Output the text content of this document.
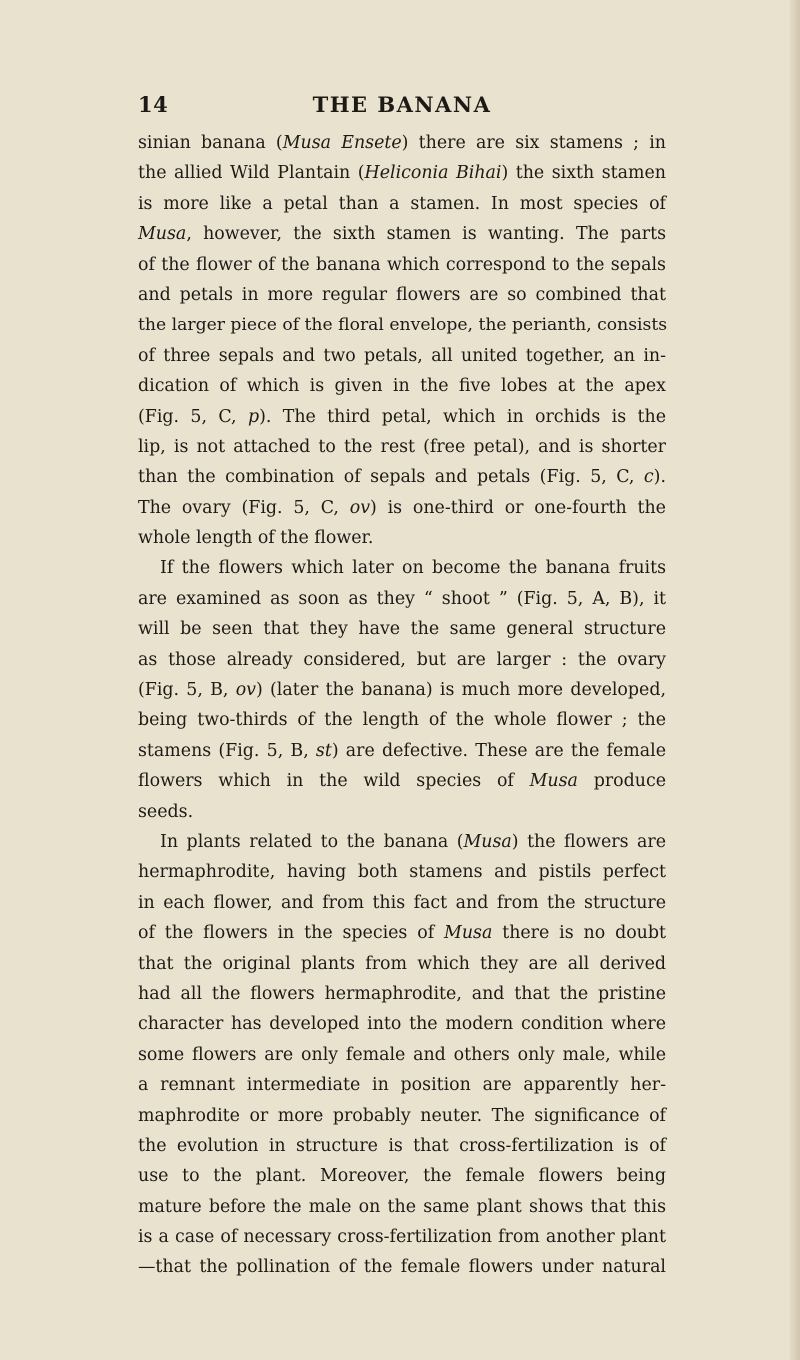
14	THE BANANA
sinian banana (Musa Ensete) there are six stamens ; in
the allied Wild Plantain (Heliconia Bihai) the sixth stamen
is more like a petal than a stamen. In most species of
Musa, however, the sixth stamen is wanting. The parts
of the flower of the banana which correspond to the sepals
and petals in more regular flowers are so combined that
the larger piece of the floral envelope, the perianth, consists
of three sepals and two petals, all united together, an in-
dication of which is given in the five lobes at the apex
(Fig. 5, C, p). The third petal, which in orchids is the
lip, is not attached to the rest (free petal), and is shorter
than the combination of sepals and petals (Fig. 5, C, c).
The ovary (Fig. 5, C, ov) is one-third or one-fourth the
whole length of the flower.
If the flowers which later on become the banana fruits
are examined as soon as they “ shoot ” (Fig. 5, A, B), it
will be seen that they have the same general structure
as those already considered, but are larger : the ovary
(Fig. 5, B, ov) (later the banana) is much more developed,
being two-thirds of the length of the whole flower ; the
stamens (Fig. 5, B, st) are defective. These are the female
flowers which in the wild species of Musa produce
seeds.
In plants related to the banana (Musa) the flowers are
hermaphrodite, having both stamens and pistils perfect
in each flower, and from this fact and from the structure
of the flowers in the species of Musa there is no doubt
that the original plants from which they are all derived
had all the flowers hermaphrodite, and that the pristine
character has developed into the modern condition where
some flowers are only female and others only male, while
a remnant intermediate in position are apparently her-
maphrodite or more probably neuter. The significance of
the evolution in structure is that cross-fertilization is of
use to the plant. Moreover, the female flowers being
mature before the male on the same plant shows that this
is a case of necessary cross-fertilization from another plant
—that the pollination of the female flowers under natural
